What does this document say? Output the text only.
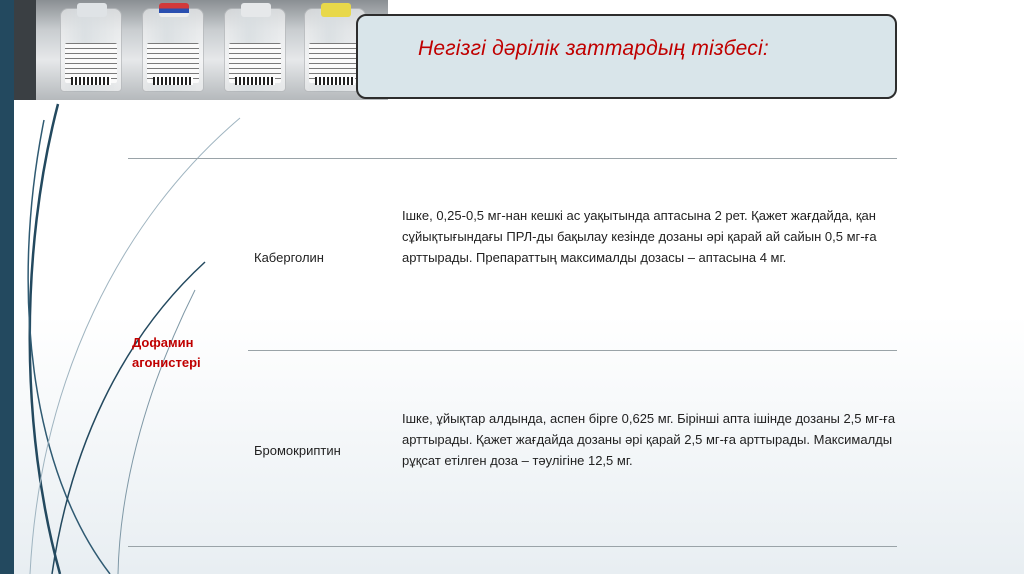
Негізгі дәрілік заттардың тізбесі:
Дофамин агонистері
Каберголин
Ішке, 0,25-0,5 мг-нан кешкі ас уақытында аптасына 2 рет. Қажет жағдайда, қан сұйықтығындағы ПРЛ-ды бақылау кезінде дозаны әрі қарай ай сайын 0,5 мг-ға арттырады. Препараттың максималды дозасы – аптасына 4 мг.
Бромокриптин
Ішке, ұйықтар алдында, аспен бірге 0,625 мг. Бірінші апта ішінде дозаны 2,5 мг-ға арттырады. Қажет жағдайда дозаны әрі қарай 2,5 мг-ға арттырады. Максималды рұқсат етілген доза – тәулігіне 12,5 мг.
